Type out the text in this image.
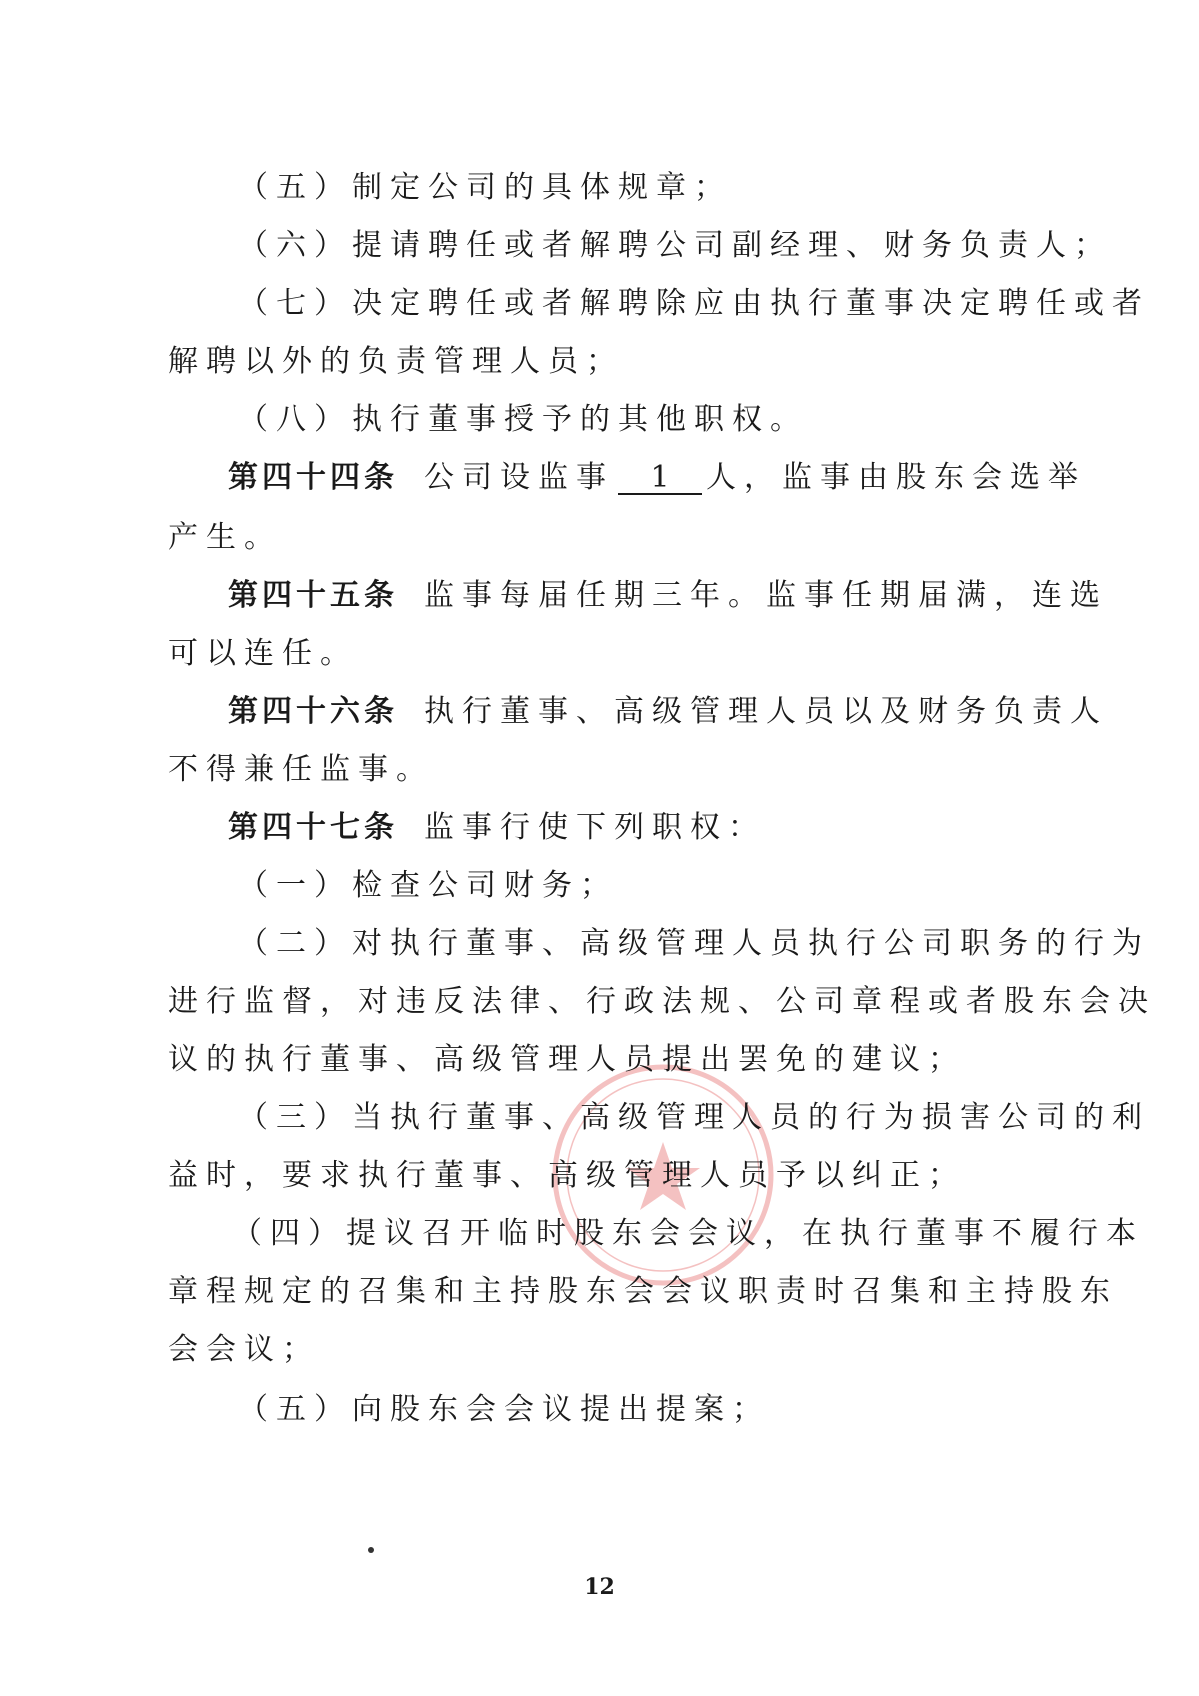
（五）制定公司的具体规章；
（六）提请聘任或者解聘公司副经理、财务负责人；
（七）决定聘任或者解聘除应由执行董事决定聘任或者
解聘以外的负责管理人员；
（八）执行董事授予的其他职权。
第四十四条 公司设监事 1 人，监事由股东会选举
产生。
第四十五条 监事每届任期三年。监事任期届满，连选
可以连任。
第四十六条 执行董事、高级管理人员以及财务负责人
不得兼任监事。
第四十七条 监事行使下列职权：
（一）检查公司财务；
（二）对执行董事、高级管理人员执行公司职务的行为
进行监督，对违反法律、行政法规、公司章程或者股东会决
议的执行董事、高级管理人员提出罢免的建议；
（三）当执行董事、高级管理人员的行为损害公司的利
益时，要求执行董事、高级管理人员予以纠正；
（四）提议召开临时股东会会议，在执行董事不履行本
章程规定的召集和主持股东会会议职责时召集和主持股东
会会议；
（五）向股东会会议提出提案；
12
